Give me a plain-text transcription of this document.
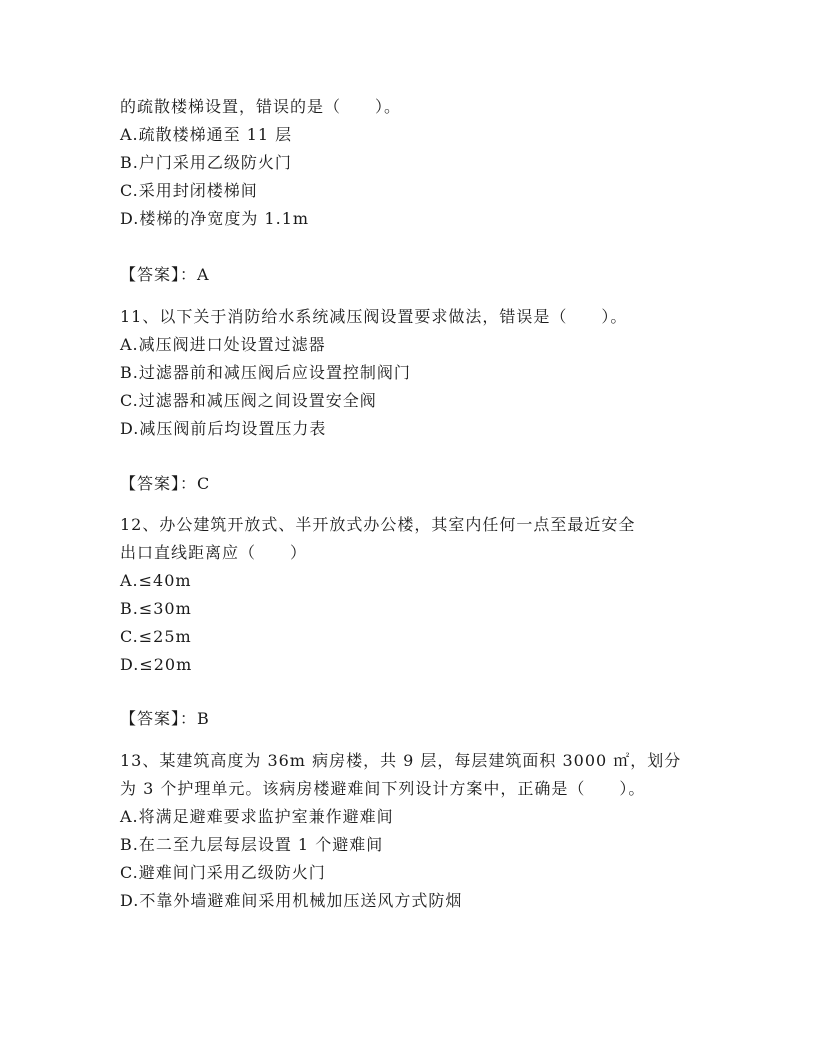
的疏散楼梯设置，错误的是（　　）。
A.疏散楼梯通至 11 层
B.户门采用乙级防火门
C.采用封闭楼梯间
D.楼梯的净宽度为 1.1m
【答案】：A
11、以下关于消防给水系统减压阀设置要求做法，错误是（　　）。
A.减压阀进口处设置过滤器
B.过滤器前和减压阀后应设置控制阀门
C.过滤器和减压阀之间设置安全阀
D.减压阀前后均设置压力表
【答案】：C
12、办公建筑开放式、半开放式办公楼，其室内任何一点至最近安全
出口直线距离应（　　）
A.≤40m
B.≤30m
C.≤25m
D.≤20m
【答案】：B
13、某建筑高度为 36m 病房楼，共 9 层，每层建筑面积 3000 ㎡，划分
为 3 个护理单元。该病房楼避难间下列设计方案中，正确是（　　）。
A.将满足避难要求监护室兼作避难间
B.在二至九层每层设置 1 个避难间
C.避难间门采用乙级防火门
D.不靠外墙避难间采用机械加压送风方式防烟
